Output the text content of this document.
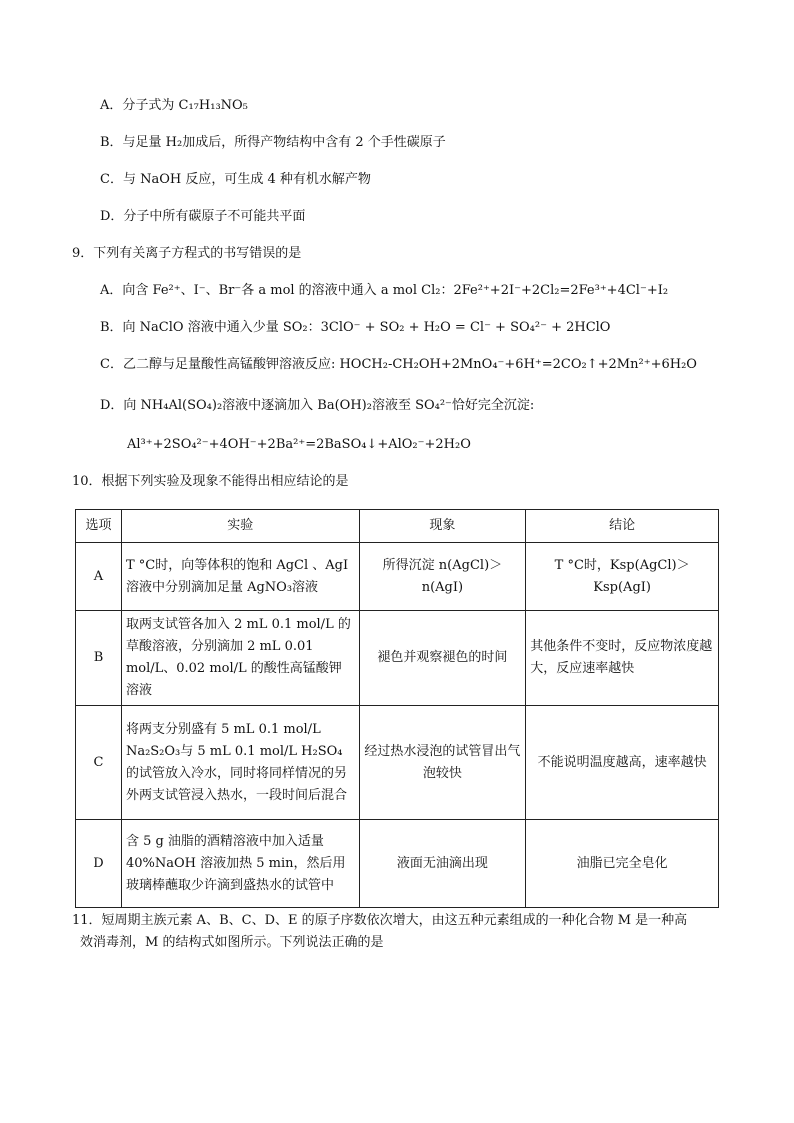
A．分子式为 C₁₇H₁₃NO₅
B．与足量 H₂加成后，所得产物结构中含有 2 个手性碳原子
C．与 NaOH 反应，可生成 4 种有机水解产物
D．分子中所有碳原子不可能共平面
9．下列有关离子方程式的书写错误的是
A．向含 Fe²⁺、I⁻、Br⁻各 a mol 的溶液中通入 a mol Cl₂：2Fe²⁺+2I⁻+2Cl₂=2Fe³⁺+4Cl⁻+I₂
B．向 NaClO 溶液中通入少量 SO₂：3ClO⁻ + SO₂ + H₂O = Cl⁻ + SO₄²⁻ + 2HClO
C．乙二醇与足量酸性高锰酸钾溶液反应: HOCH₂-CH₂OH+2MnO₄⁻+6H⁺=2CO₂↑+2Mn²⁺+6H₂O
D．向 NH₄Al(SO₄)₂溶液中逐滴加入 Ba(OH)₂溶液至 SO₄²⁻恰好完全沉淀:
Al³⁺+2SO₄²⁻+4OH⁻+2Ba²⁺=2BaSO₄↓+AlO₂⁻+2H₂O
10．根据下列实验及现象不能得出相应结论的是
选项	实验	现象	结论
A	T °C时，向等体积的饱和 AgCl 、AgI 溶液中分别滴加足量 AgNO₃溶液	所得沉淀 n(AgCl)＞n(AgI)	T °C时，Ksp(AgCl)＞Ksp(AgI)
B	取两支试管各加入 2 mL 0.1 mol/L 的草酸溶液，分别滴加 2 mL 0.01 mol/L、0.02 mol/L 的酸性高锰酸钾溶液	褪色并观察褪色的时间	其他条件不变时，反应物浓度越大，反应速率越快
C	将两支分别盛有 5 mL 0.1 mol/L Na₂S₂O₃与 5 mL 0.1 mol/L H₂SO₄的试管放入冷水，同时将同样情况的另外两支试管浸入热水，一段时间后混合	经过热水浸泡的试管冒出气泡较快	不能说明温度越高，速率越快
D	含 5 g 油脂的酒精溶液中加入适量 40%NaOH 溶液加热 5 min，然后用玻璃棒蘸取少许滴到盛热水的试管中	液面无油滴出现	油脂已完全皂化
11．短周期主族元素 A、B、C、D、E 的原子序数依次增大，由这五种元素组成的一种化合物 M 是一种高
效消毒剂，M 的结构式如图所示。下列说法正确的是
